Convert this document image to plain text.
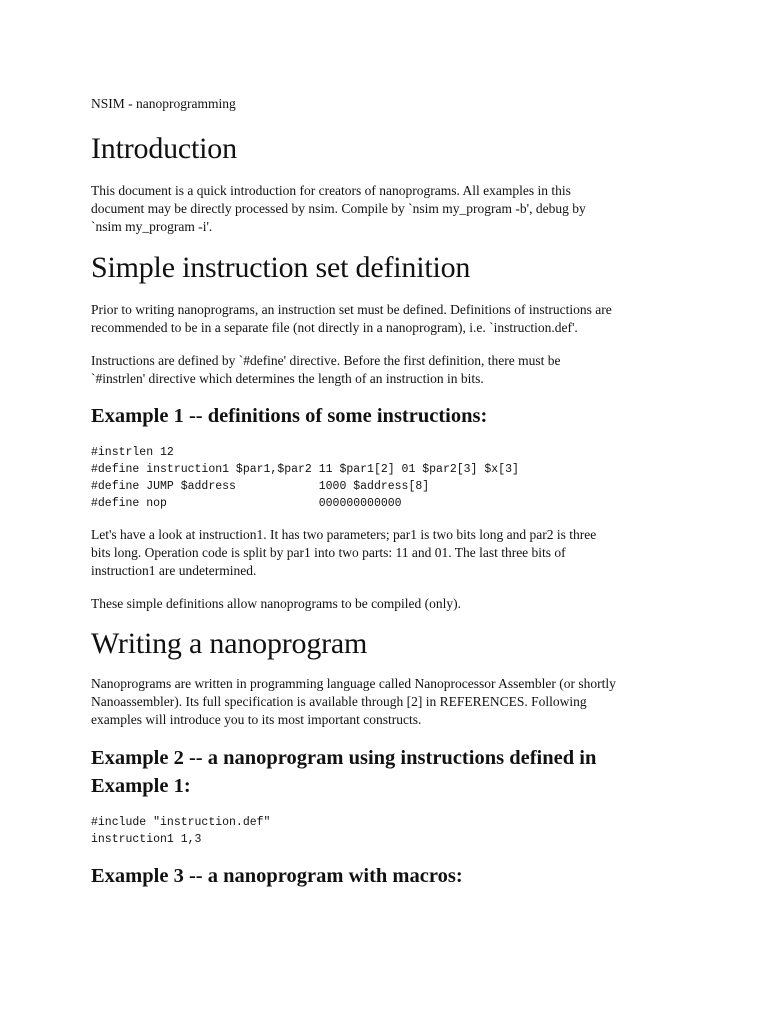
NSIM - nanoprogramming
Introduction

This document is a quick introduction for creators of nanoprograms. All examples in this
document may be directly processed by nsim. Compile by `nsim my_program -b', debug by
`nsim my_program -i'.

Simple instruction set definition

Prior to writing nanoprograms, an instruction set must be defined. Definitions of instructions are
recommended to be in a separate file (not directly in a nanoprogram), i.e. `instruction.def'.

Instructions are defined by `#define' directive. Before the first definition, there must be
`#instrlen' directive which determines the length of an instruction in bits.

Example 1 -- definitions of some instructions:
#instrlen 12
#define instruction1 $par1,$par2 11 $par1[2] 01 $par2[3] $x[3]
#define JUMP $address            1000 $address[8]
#define nop                      000000000000

Let's have a look at instruction1. It has two parameters; par1 is two bits long and par2 is three
bits long. Operation code is split by par1 into two parts: 11 and 01. The last three bits of
instruction1 are undetermined.

These simple definitions allow nanoprograms to be compiled (only).

Writing a nanoprogram

Nanoprograms are written in programming language called Nanoprocessor Assembler (or shortly
Nanoassembler). Its full specification is available through [2] in REFERENCES. Following
examples will introduce you to its most important constructs.

Example 2 -- a nanoprogram using instructions defined in
Example 1:
#include "instruction.def"
instruction1 1,3
Example 3 -- a nanoprogram with macros:
